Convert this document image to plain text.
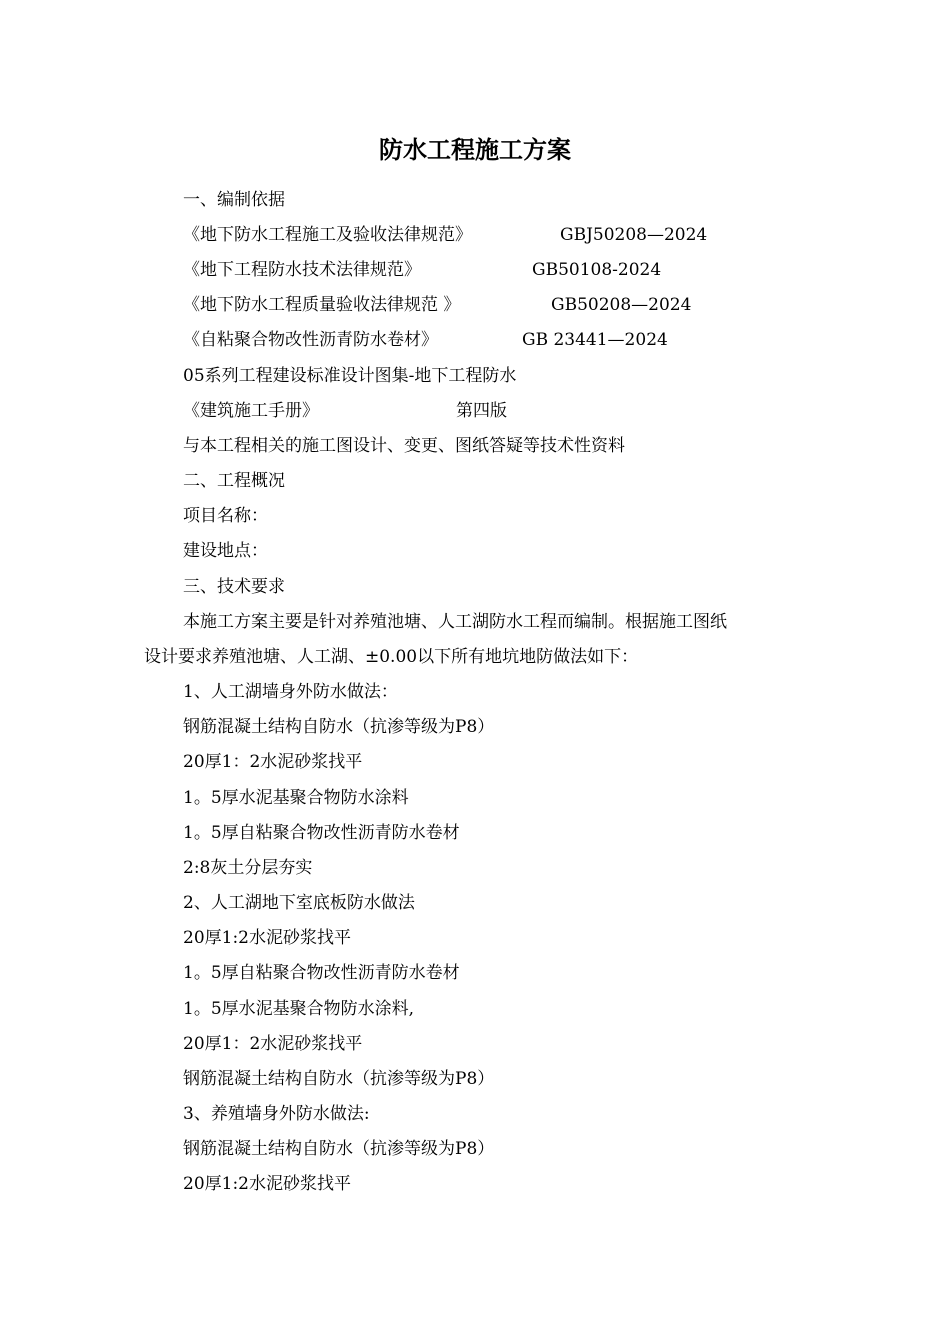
防水工程施工方案
一、编制依据
《地下防水工程施工及验收法律规范》	GBJ50208—2024
《地下工程防水技术法律规范》	GB50108-2024
《地下防水工程质量验收法律规范 》	GB50208—2024
《自粘聚合物改性沥青防水卷材》	GB 23441—2024
05系列工程建设标准设计图集-地下工程防水
《建筑施工手册》	第四版
与本工程相关的施工图设计、变更、图纸答疑等技术性资料
二、工程概况
项目名称：
建设地点：
三、技术要求
本施工方案主要是针对养殖池塘、人工湖防水工程而编制。根据施工图纸
设计要求养殖池塘、人工湖、±0.00以下所有地坑地防做法如下：
1、人工湖墙身外防水做法：
钢筋混凝土结构自防水（抗渗等级为P8）
20厚1：2水泥砂浆找平
1。5厚水泥基聚合物防水涂料
1。5厚自粘聚合物改性沥青防水卷材
2:8灰土分层夯实
2、人工湖地下室底板防水做法
20厚1:2水泥砂浆找平
1。5厚自粘聚合物改性沥青防水卷材
1。5厚水泥基聚合物防水涂料,
20厚1：2水泥砂浆找平
钢筋混凝土结构自防水（抗渗等级为P8）
3、养殖墙身外防水做法:
钢筋混凝土结构自防水（抗渗等级为P8）
20厚1:2水泥砂浆找平
